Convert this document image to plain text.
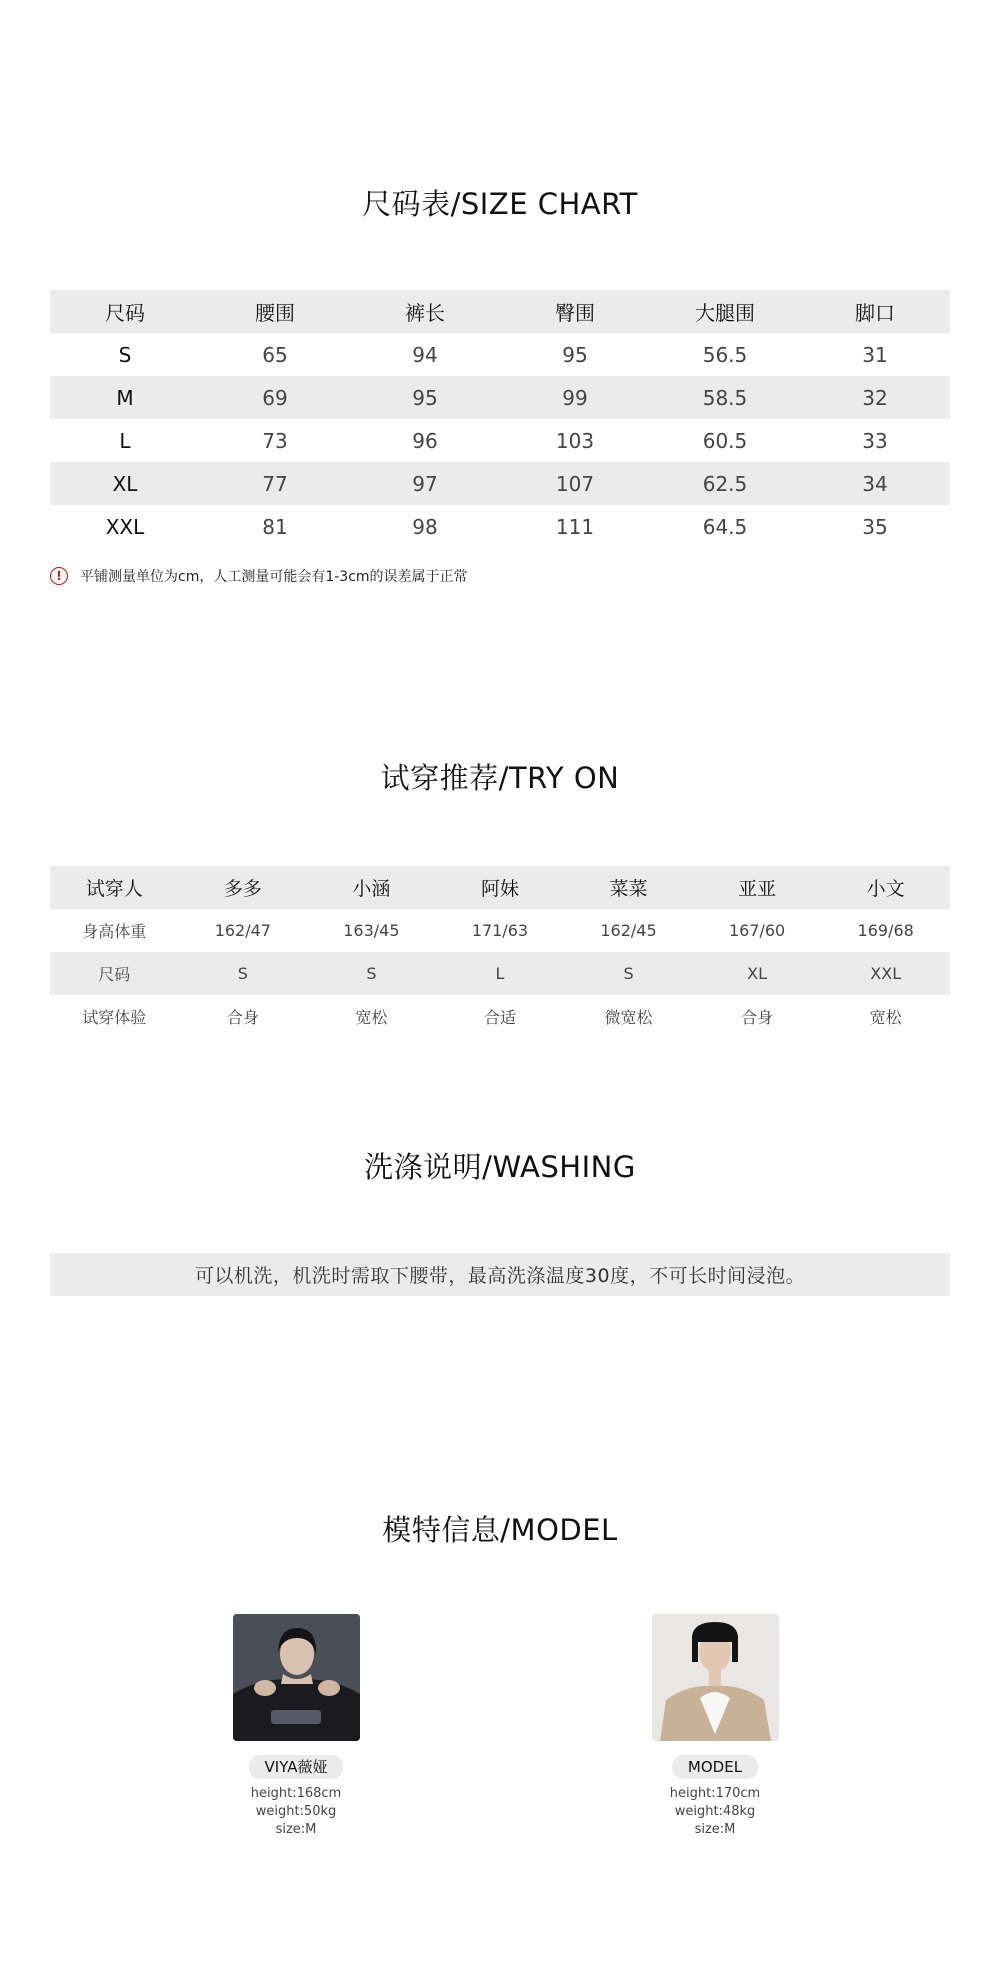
尺码表/SIZE CHART
尺码	腰围	裤长	臀围	大腿围	脚口
S	65	94	95	56.5	31
M	69	95	99	58.5	32
L	73	96	103	60.5	33
XL	77	97	107	62.5	34
XXL	81	98	111	64.5	35
!	平铺测量单位为cm，人工测量可能会有1-3cm的误差属于正常
试穿推荐/TRY ON
试穿人	多多	小涵	阿妹	菜菜	亚亚	小文
身高体重	162/47	163/45	171/63	162/45	167/60	169/68
尺码	S	S	L	S	XL	XXL
试穿体验	合身	宽松	合适	微宽松	合身	宽松
洗涤说明/WASHING
可以机洗，机洗时需取下腰带，最高洗涤温度30度，不可长时间浸泡。
模特信息/MODEL
VIYA薇娅
height:168cm
weight:50kg
size:M
MODEL
height:170cm
weight:48kg
size:M
